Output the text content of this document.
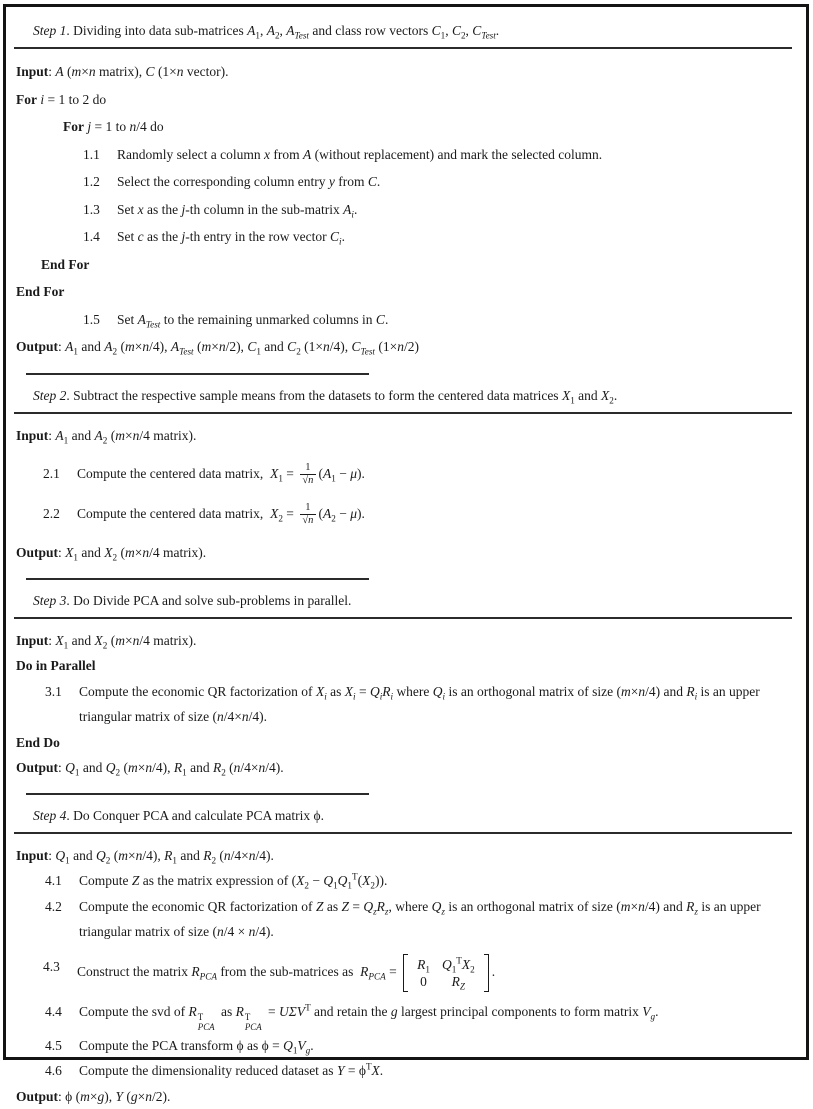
Step 1. Dividing into data sub-matrices $A_1$, $A_2$, $A_{Test}$ and class row vectors $C_1$, $C_2$, $C_{Test}$.
Input: A (m×n matrix), C (1×n vector).
For i = 1 to 2 do
For j = 1 to n/4 do
1.1	Randomly select a column x from A (without replacement) and mark the selected column.
1.2	Select the corresponding column entry y from C.
1.3	Set x as the j-th column in the sub-matrix $A_i$.
1.4	Set c as the j-th entry in the row vector $C_i$.
End For
End For
1.5	Set $A_{Test}$ to the remaining unmarked columns in C.
Output: $A_1$ and $A_2$ (m×n/4), $A_{Test}$ (m×n/2), $C_1$ and $C_2$ (1×n/4), $C_{Test}$ (1×n/2)
Step 2. Subtract the respective sample means from the datasets to form the centered data matrices $X_1$ and $X_2$.
Input: $A_1$ and $A_2$ (m×n/4 matrix).
2.1	Compute the centered data matrix,  $X_1 = \frac{1}{√n} (A_1 - \mu)$.
2.2	Compute the centered data matrix,  $X_2 = \frac{1}{√n} (A_2 - \mu)$.
Output: $X_1$ and $X_2$ (m×n/4 matrix).
Step 3. Do Divide PCA and solve sub-problems in parallel.
Input: $X_1$ and $X_2$ (m×n/4 matrix).
Do in Parallel
3.1	Compute the economic QR factorization of $X_i$ as $X_i = Q_iR_i$ where $Q_i$ is an orthogonal matrix of size (m×n/4) and $R_i$ is an upper triangular matrix of size (n/4×n/4).
End Do
Output: $Q_1$ and $Q_2$ (m×n/4), $R_1$ and $R_2$ (n/4×n/4).
Step 4. Do Conquer PCA and calculate PCA matrix ϕ.
Input: $Q_1$ and $Q_2$ (m×n/4), $R_1$ and $R_2$ (n/4×n/4).
4.1	Compute Z as the matrix expression of $(X_2 - Q_1Q_1^T(X_2))$.
4.2	Compute the economic QR factorization of Z as $Z = Q_zR_z$, where $Q_z$ is an orthogonal matrix of size (m×n/4) and $R_z$ is an upper triangular matrix of size (n/4 × n/4).
4.3	Construct the matrix $R_{PCA}$ from the sub-matrices as  $R_{PCA}$ =	$R_1$ $Q_1^TX_2$
0	$R_Z$
.
4.4	Compute the svd of R T
PCA
as R T
PCA
= $U\Sigma V^T$ and retain the g largest principal components to form matrix $V_g$.
4.5	Compute the PCA transform ϕ as $\phi = Q_1V_g$.
4.6	Compute the dimensionality reduced dataset as $Y = \phi^TX$.
Output: ϕ (m×g), Y (g×n/2).
